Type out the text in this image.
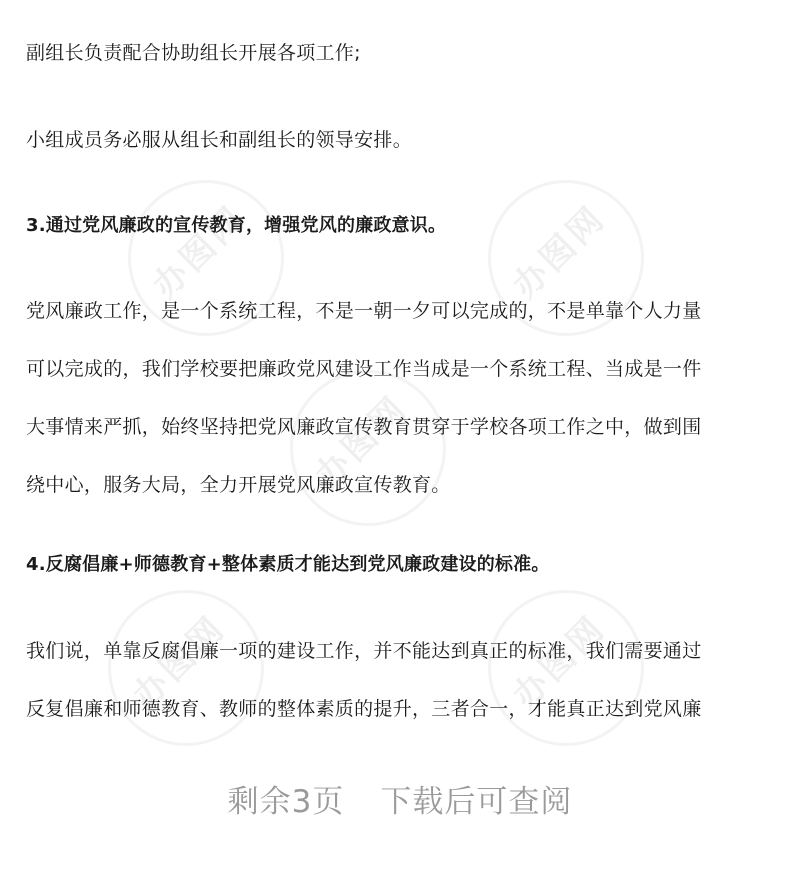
办图网	办图网
办图网
办图网	办图网

副组长负责配合协助组长开展各项工作;

小组成员务必服从组长和副组长的领导安排。

3.通过党风廉政的宣传教育，增强党风的廉政意识。

党风廉政工作，是一个系统工程，不是一朝一夕可以完成的，不是单靠个人力量

可以完成的，我们学校要把廉政党风建设工作当成是一个系统工程、当成是一件

大事情来严抓，始终坚持把党风廉政宣传教育贯穿于学校各项工作之中，做到围

绕中心，服务大局，全力开展党风廉政宣传教育。

4.反腐倡廉+师德教育+整体素质才能达到党风廉政建设的标准。

我们说，单靠反腐倡廉一项的建设工作，并不能达到真正的标准，我们需要通过

反复倡廉和师德教育、教师的整体素质的提升，三者合一，才能真正达到党风廉

剩余3页 下载后可查阅
